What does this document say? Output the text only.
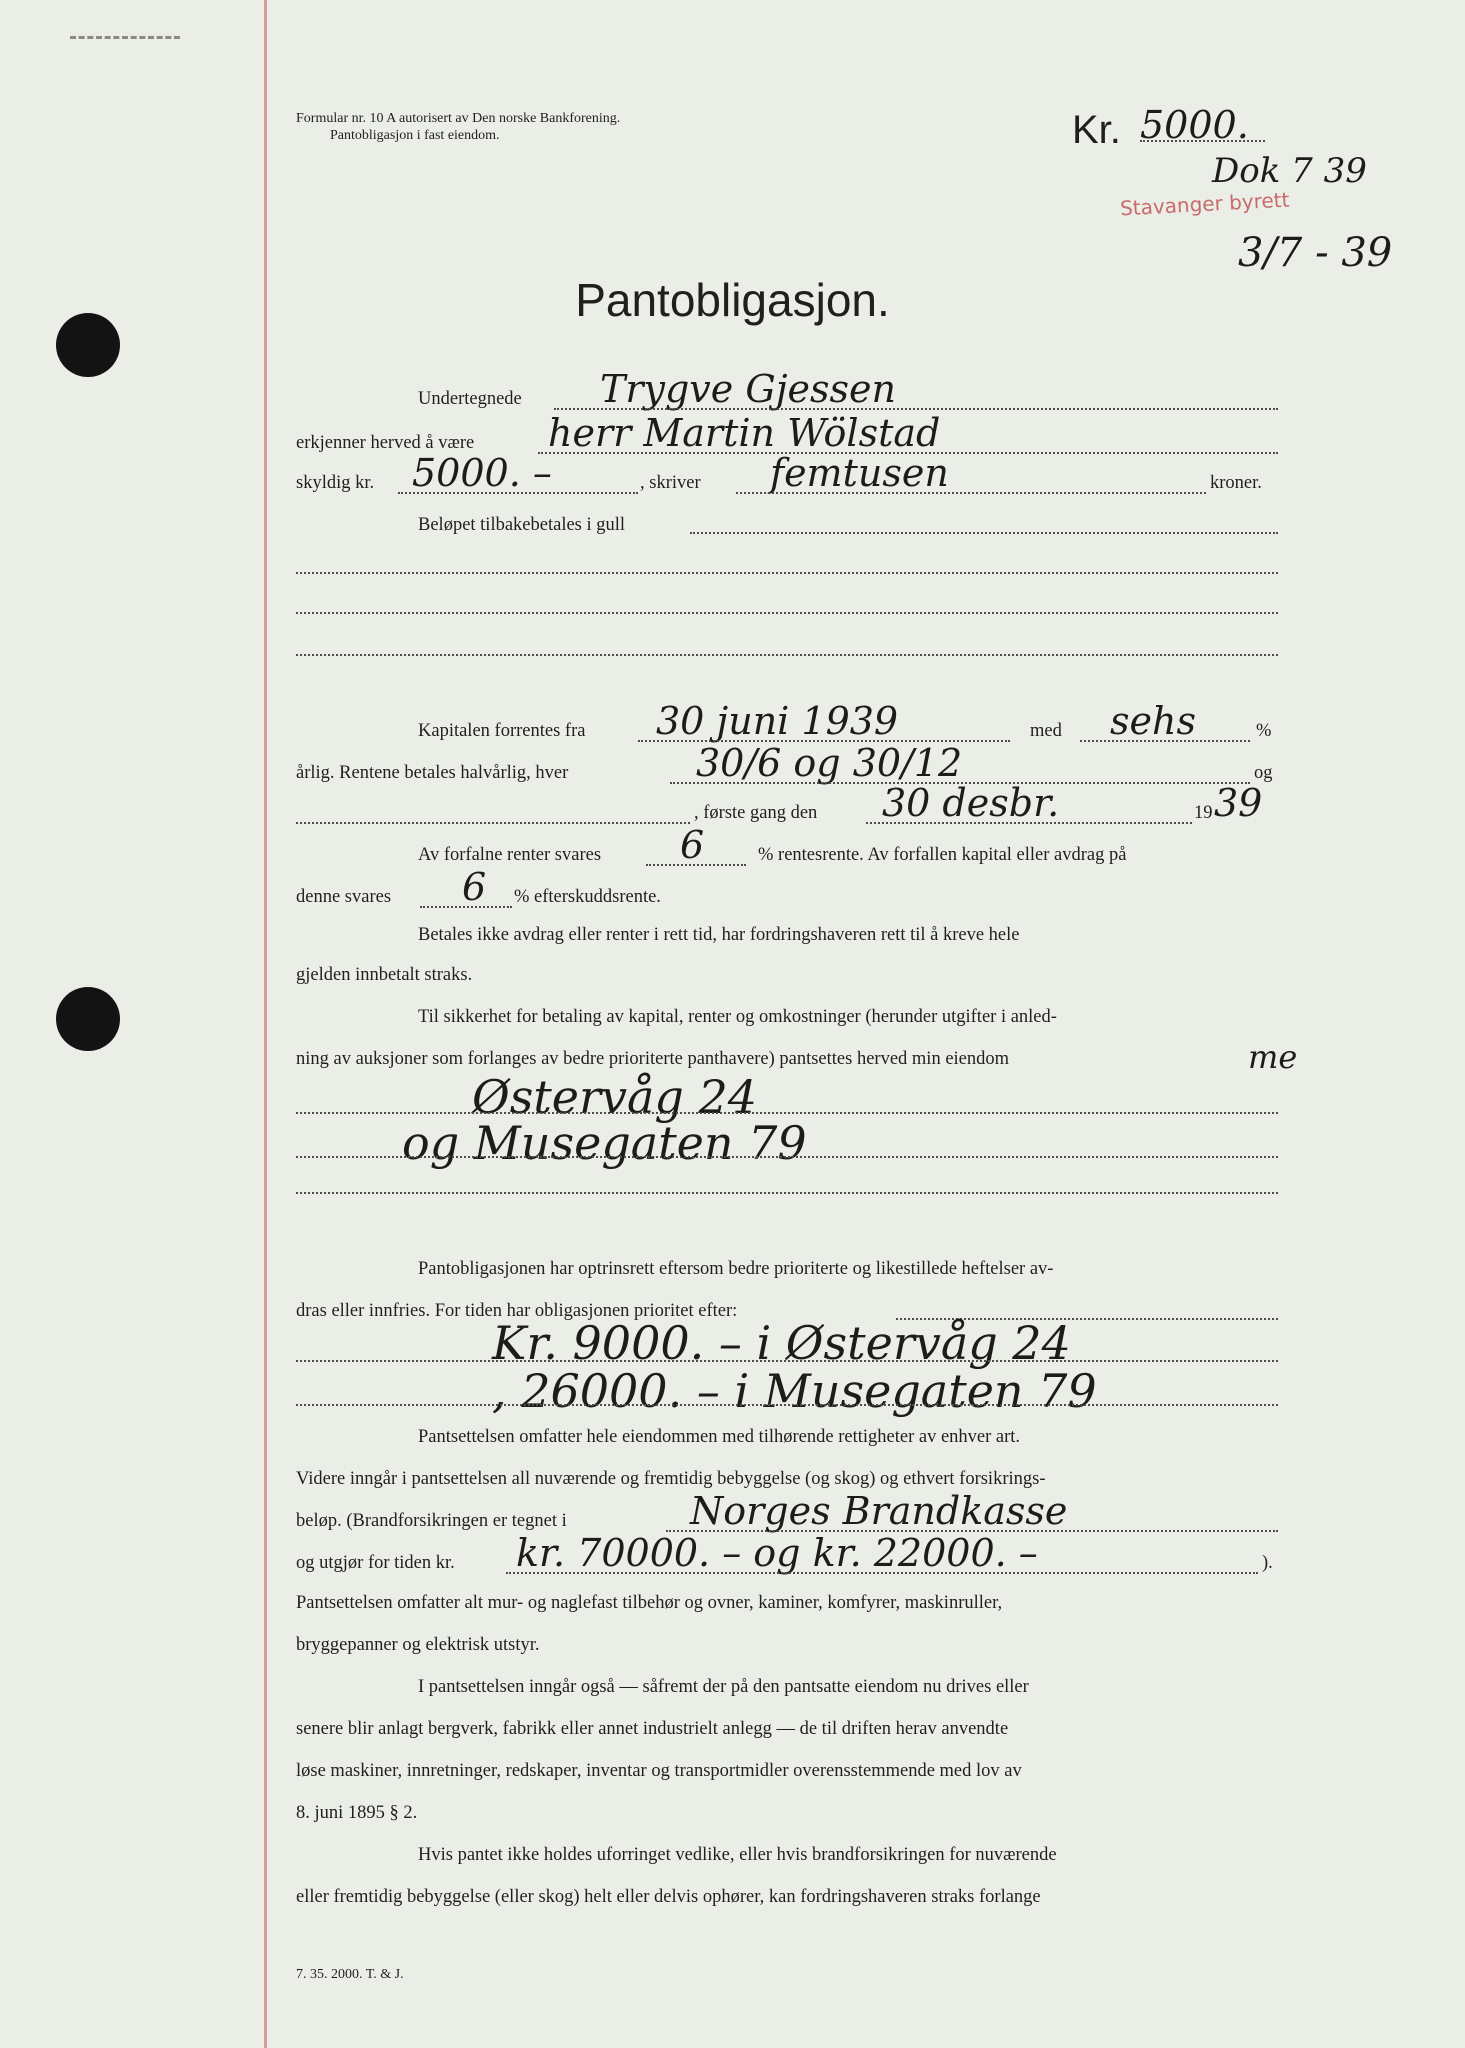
Formular nr. 10 A autorisert av Den norske Bankforening.
Pantobligasjon i fast eiendom.	Kr. 5000.
Dok 7 39
Stavanger byrett
3/7 - 39
Pantobligasjon.
Undertegnede Trygve Gjessen
erkjenner herved å være herr Martin Wölstad
skyldig kr. 5000. –	, skriver femtusen	kroner.
Beløpet tilbakebetales i gull
Kapitalen forrentes fra 30 juni 1939	med sehs	%
årlig. Rentene betales halvårlig, hver	30/6 og 30/12	og
, første gang den 30 desbr.	19 39
Av forfalne renter svares 6	% rentesrente. Av forfallen kapital eller avdrag på
denne svares 6 % efterskuddsrente.
Betales ikke avdrag eller renter i rett tid, har fordringshaveren rett til å kreve hele
gjelden innbetalt straks.
Til sikkerhet for betaling av kapital, renter og omkostninger (herunder utgifter i anled-
ning av auksjoner som forlanges av bedre prioriterte panthavere) pantsettes herved min eiendom	me
Østervåg 24
og Musegaten 79
Pantobligasjonen har optrinsrett eftersom bedre prioriterte og likestillede heftelser av-
dras eller innfries. For tiden har obligasjonen prioritet efter:
Kr. 9000. – i Østervåg 24
, 26000. – i Musegaten 79
Pantsettelsen omfatter hele eiendommen med tilhørende rettigheter av enhver art.
Videre inngår i pantsettelsen all nuværende og fremtidig bebyggelse (og skog) og ethvert forsikrings-
beløp. (Brandforsikringen er tegnet i	Norges Brandkasse
og utgjør for tiden kr. kr. 70000. – og kr. 22000. –	).
Pantsettelsen omfatter alt mur- og naglefast tilbehør og ovner, kaminer, komfyrer, maskinruller,
bryggepanner og elektrisk utstyr.
I pantsettelsen inngår også — såfremt der på den pantsatte eiendom nu drives eller
senere blir anlagt bergverk, fabrikk eller annet industrielt anlegg — de til driften herav anvendte
løse maskiner, innretninger, redskaper, inventar og transportmidler overensstemmende med lov av
8. juni 1895 § 2.
Hvis pantet ikke holdes uforringet vedlike, eller hvis brandforsikringen for nuværende
eller fremtidig bebyggelse (eller skog) helt eller delvis ophører, kan fordringshaveren straks forlange
7. 35. 2000. T. & J.
